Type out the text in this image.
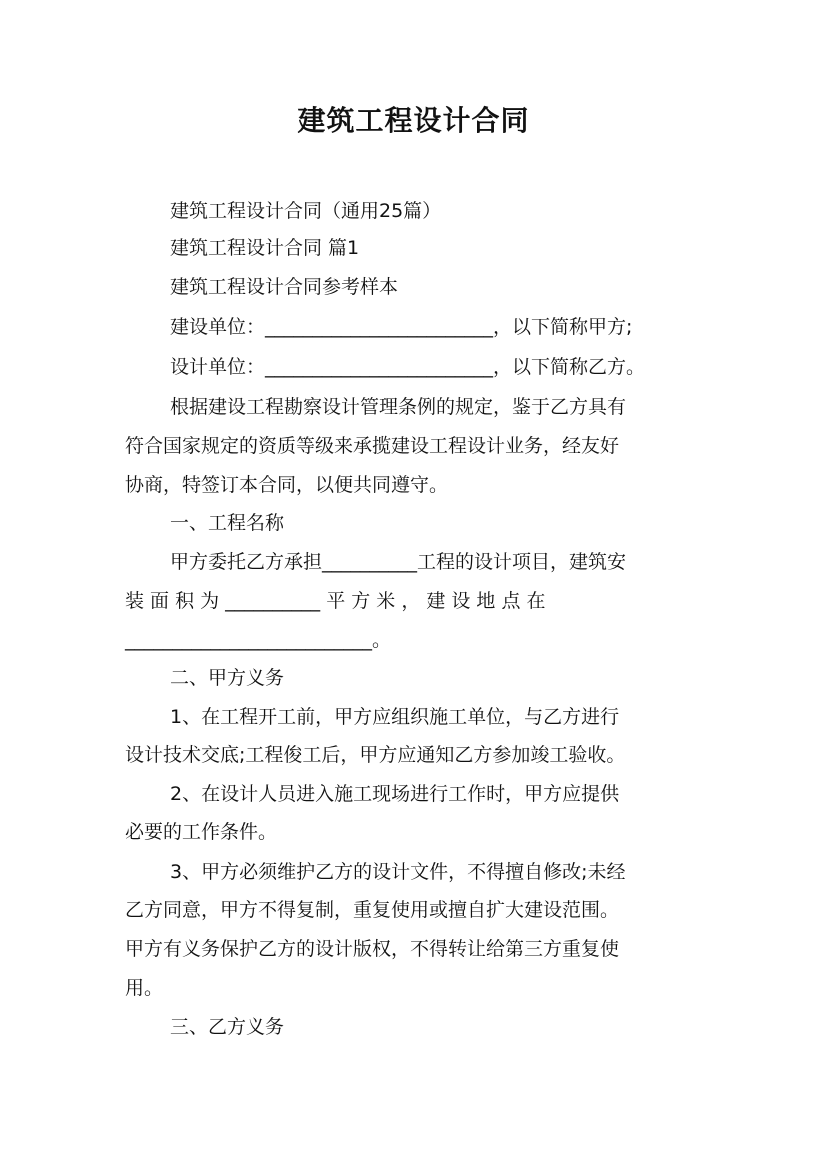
建筑工程设计合同
建筑工程设计合同（通用25篇）
建筑工程设计合同 篇1
建筑工程设计合同参考样本
建设单位：________________________，以下简称甲方;
设计单位：________________________，以下简称乙方。
根据建设工程勘察设计管理条例的规定，鉴于乙方具有
符合国家规定的资质等级来承揽建设工程设计业务，经友好
协商，特签订本合同，以便共同遵守。
一、工程名称
甲方委托乙方承担__________工程的设计项目，建筑安
装 面 积 为 __________ 平 方 米 ， 建 设 地 点 在
__________________________。
二、甲方义务
1、在工程开工前，甲方应组织施工单位，与乙方进行
设计技术交底;工程俊工后，甲方应通知乙方参加竣工验收。
2、在设计人员进入施工现场进行工作时，甲方应提供
必要的工作条件。
3、甲方必须维护乙方的设计文件，不得擅自修改;未经
乙方同意，甲方不得复制，重复使用或擅自扩大建设范围。
甲方有义务保护乙方的设计版权，不得转让给第三方重复使
用。
三、乙方义务
